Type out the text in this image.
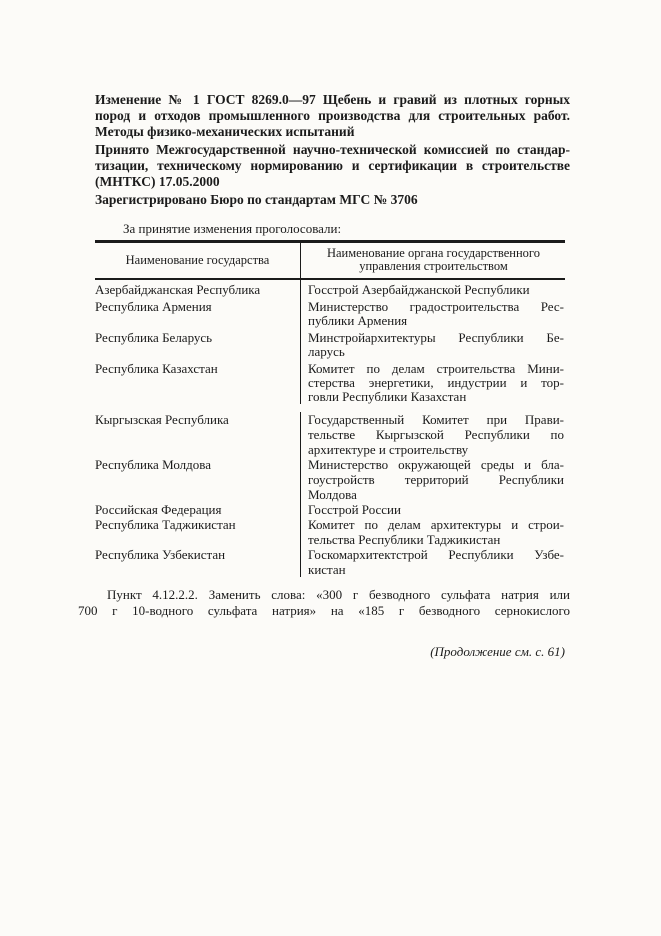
Изменение № 1 ГОСТ 8269.0—97 Щебень и гравий из плотных горных
пород и отходов промышленного производства для строительных работ.
Методы физико-механических испытаний
Принято Межгосударственной научно-технической комиссией по стандар-
тизации, техническому нормированию и сертификации в строительстве
(МНТКС) 17.05.2000
Зарегистрировано Бюро по стандартам МГС № 3706

За принятие изменения проголосовали:

Наименование государства	Наименование органа государственного
управления строительством
Азербайджанская Республика	Госстрой Азербайджанской Республики
Республика Армения	Министерство градостроительства Рес-
публики Армения
Республика Беларусь	Минстройархитектуры Республики Бе-
ларусь
Республика Казахстан	Комитет по делам строительства Мини-
стерства энергетики, индустрии и тор-
говли Республики Казахстан
Кыргызская Республика	Государственный Комитет при Прави-
тельстве Кыргызской Республики по
архитектуре и строительству
Республика Молдова	Министерство окружающей среды и бла-
гоустройств территорий Республики
Молдова
Российская Федерация	Госстрой России
Республика Таджикистан	Комитет по делам архитектуры и строи-
тельства Республики Таджикистан
Республика Узбекистан	Госкомархитектстрой Республики Узбе-
кистан
Пункт 4.12.2.2. Заменить слова: «300 г безводного сульфата натрия или
700 г 10-водного сульфата натрия» на «185 г безводного сернокислого
(Продолжение см. с. 61)
